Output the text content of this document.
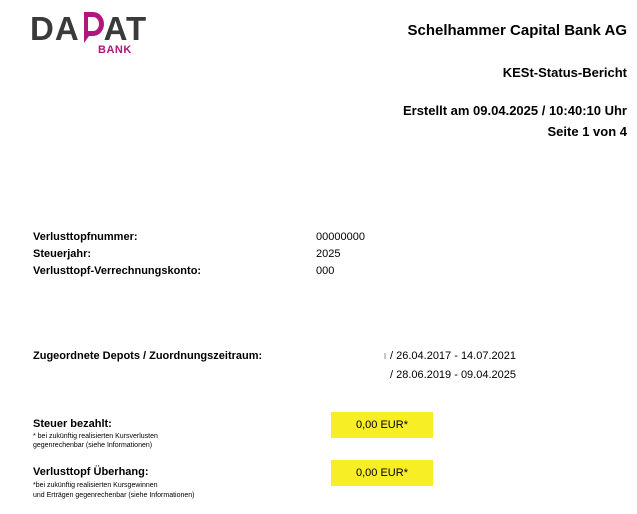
DA AT
BANK
Schelhammer Capital Bank AG
KESt-Status-Bericht
Erstellt am 09.04.2025 / 10:40:10 Uhr
Seite 1 von 4
Verlusttopfnummer:	00000000
Steuerjahr:	2025
Verlusttopf-Verrechnungskonto:	000
Zugeordnete Depots / Zuordnungszeitraum:	/ 26.04.2017 - 14.07.2021
/ 28.06.2019 - 09.04.2025
Steuer bezahlt:
* bei zukünftig realisierten Kursverlusten
gegenrechenbar (siehe Informationen)
0,00 EUR*
Verlusttopf Überhang:
*bei zukünftig realisierten Kursgewinnen
und Erträgen gegenrechenbar (siehe Informationen)
0,00 EUR*
